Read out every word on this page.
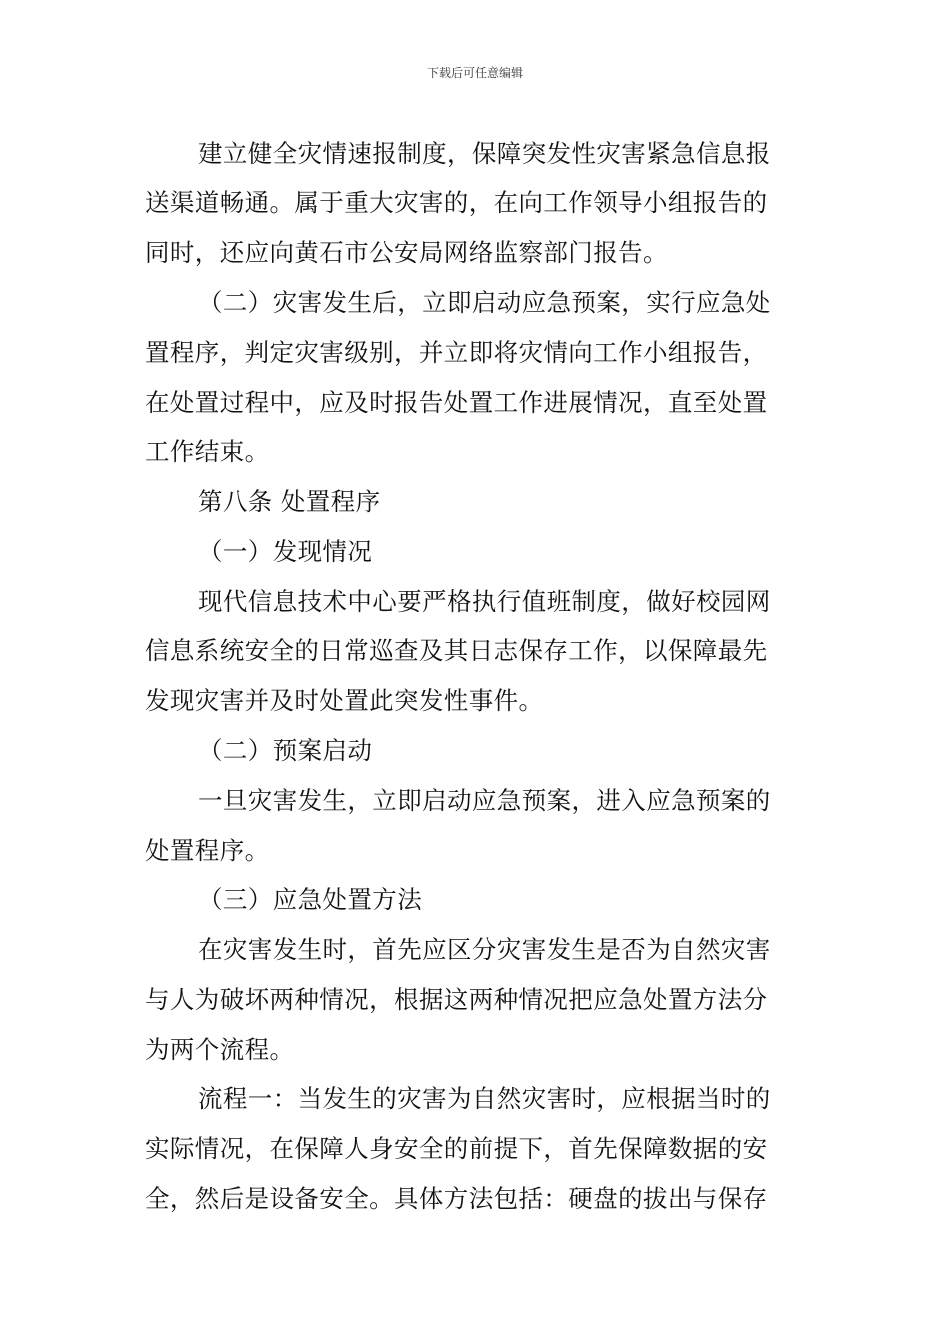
下载后可任意编辑
建立健全灾情速报制度，保障突发性灾害紧急信息报
送渠道畅通。属于重大灾害的，在向工作领导小组报告的
同时，还应向黄石市公安局网络监察部门报告。
（二）灾害发生后，立即启动应急预案，实行应急处
置程序，判定灾害级别，并立即将灾情向工作小组报告，
在处置过程中，应及时报告处置工作进展情况，直至处置
工作结束。
第八条 处置程序
（一）发现情况
现代信息技术中心要严格执行值班制度，做好校园网
信息系统安全的日常巡查及其日志保存工作，以保障最先
发现灾害并及时处置此突发性事件。
（二）预案启动
一旦灾害发生，立即启动应急预案，进入应急预案的
处置程序。
（三）应急处置方法
在灾害发生时，首先应区分灾害发生是否为自然灾害
与人为破坏两种情况，根据这两种情况把应急处置方法分
为两个流程。
流程一：当发生的灾害为自然灾害时，应根据当时的
实际情况，在保障人身安全的前提下，首先保障数据的安
全，然后是设备安全。具体方法包括：硬盘的拔出与保存
